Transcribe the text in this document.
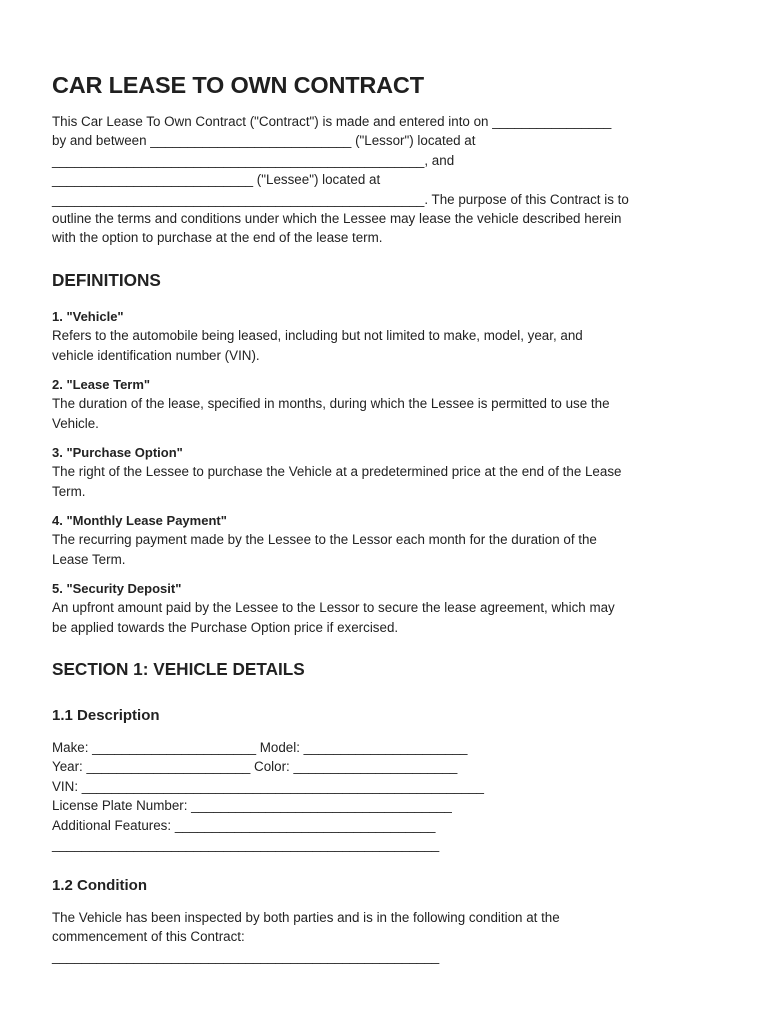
CAR LEASE TO OWN CONTRACT

This Car Lease To Own Contract ("Contract") is made and entered into on ________________
by and between ___________________________ ("Lessor") located at
__________________________________________________, and
___________________________ ("Lessee") located at
__________________________________________________. The purpose of this Contract is to
outline the terms and conditions under which the Lessee may lease the vehicle described herein
with the option to purchase at the end of the lease term.

DEFINITIONS
1. "Vehicle"
Refers to the automobile being leased, including but not limited to make, model, year, and
vehicle identification number (VIN).
2. "Lease Term"
The duration of the lease, specified in months, during which the Lessee is permitted to use the
Vehicle.
3. "Purchase Option"
The right of the Lessee to purchase the Vehicle at a predetermined price at the end of the Lease
Term.
4. "Monthly Lease Payment"
The recurring payment made by the Lessee to the Lessor each month for the duration of the
Lease Term.
5. "Security Deposit"
An upfront amount paid by the Lessee to the Lessor to secure the lease agreement, which may
be applied towards the Purchase Option price if exercised.
SECTION 1: VEHICLE DETAILS
1.1 Description
Make: ______________________ Model: ______________________
Year: ______________________ Color: ______________________
VIN: ______________________________________________________
License Plate Number: ___________________________________
Additional Features: ___________________________________
____________________________________________________
1.2 Condition
The Vehicle has been inspected by both parties and is in the following condition at the
commencement of this Contract:
____________________________________________________
